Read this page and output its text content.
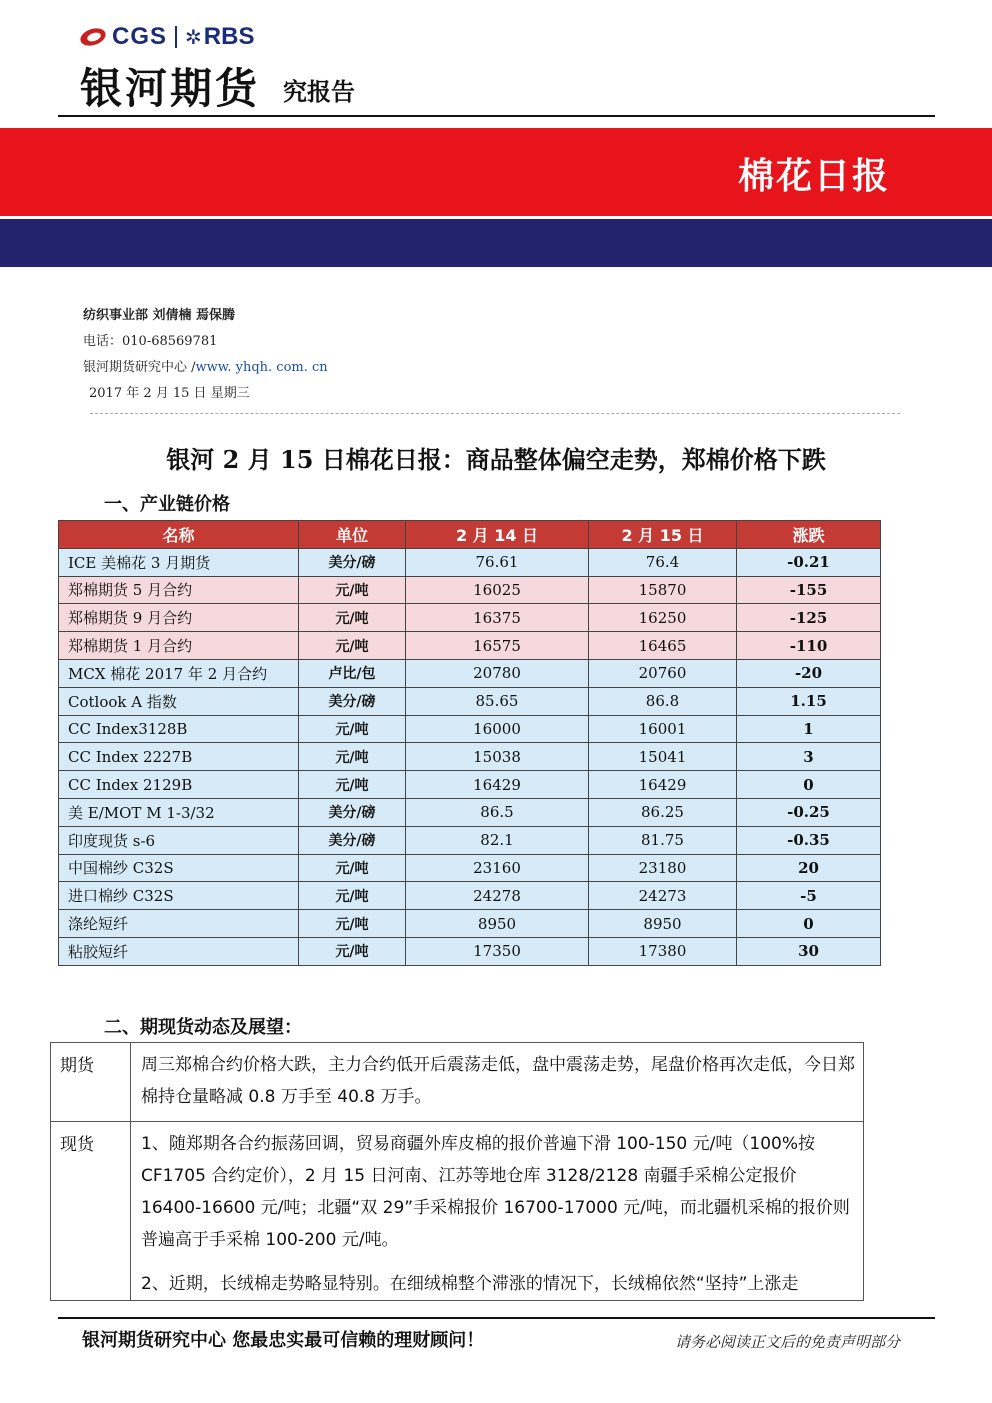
CGS ✲ RBS
银河期货 究报告
棉花日报
纺织事业部 刘倩楠 焉保腾
电话：010-68569781
银河期货研究中心 /www. yhqh. com. cn
2017 年 2 月 15 日 星期三
银河 2 月 15 日棉花日报：商品整体偏空走势，郑棉价格下跌
一、产业链价格
名称	单位	2 月 14 日	2 月 15 日	涨跌
ICE 美棉花 3 月期货	美分/磅	76.61	76.4	-0.21
郑棉期货 5 月合约	元/吨	16025	15870	-155
郑棉期货 9 月合约	元/吨	16375	16250	-125
郑棉期货 1 月合约	元/吨	16575	16465	-110
MCX 棉花 2017 年 2 月合约	卢比/包	20780	20760	-20
Cotlook A 指数	美分/磅	85.65	86.8	1.15
CC Index3128B	元/吨	16000	16001	1
CC Index 2227B	元/吨	15038	15041	3
CC Index 2129B	元/吨	16429	16429	0
美 E/MOT M 1-3/32	美分/磅	86.5	86.25	-0.25
印度现货 s-6	美分/磅	82.1	81.75	-0.35
中国棉纱 C32S	元/吨	23160	23180	20
进口棉纱 C32S	元/吨	24278	24273	-5
涤纶短纤	元/吨	8950	8950	0
粘胶短纤	元/吨	17350	17380	30
二、期现货动态及展望：
期货	周三郑棉合约价格大跌，主力合约低开后震荡走低，盘中震荡走势，尾盘价格再次走低，今日郑棉持仓量略减 0.8 万手至 40.8 万手。
现货	1、随郑期各合约振荡回调，贸易商疆外库皮棉的报价普遍下滑 100-150 元/吨（100%按 CF1705 合约定价），2 月 15 日河南、江苏等地仓库 3128/2128 南疆手采棉公定报价 16400-16600 元/吨；北疆“双 29”手采棉报价 16700-17000 元/吨，而北疆机采棉的报价则普遍高于手采棉 100-200 元/吨。

2、近期，长绒棉走势略显特别。在细绒棉整个滞涨的情况下，长绒棉依然“坚持”上涨走

银河期货研究中心 您最忠实最可信赖的理财顾问！	请务必阅读正文后的免责声明部分
